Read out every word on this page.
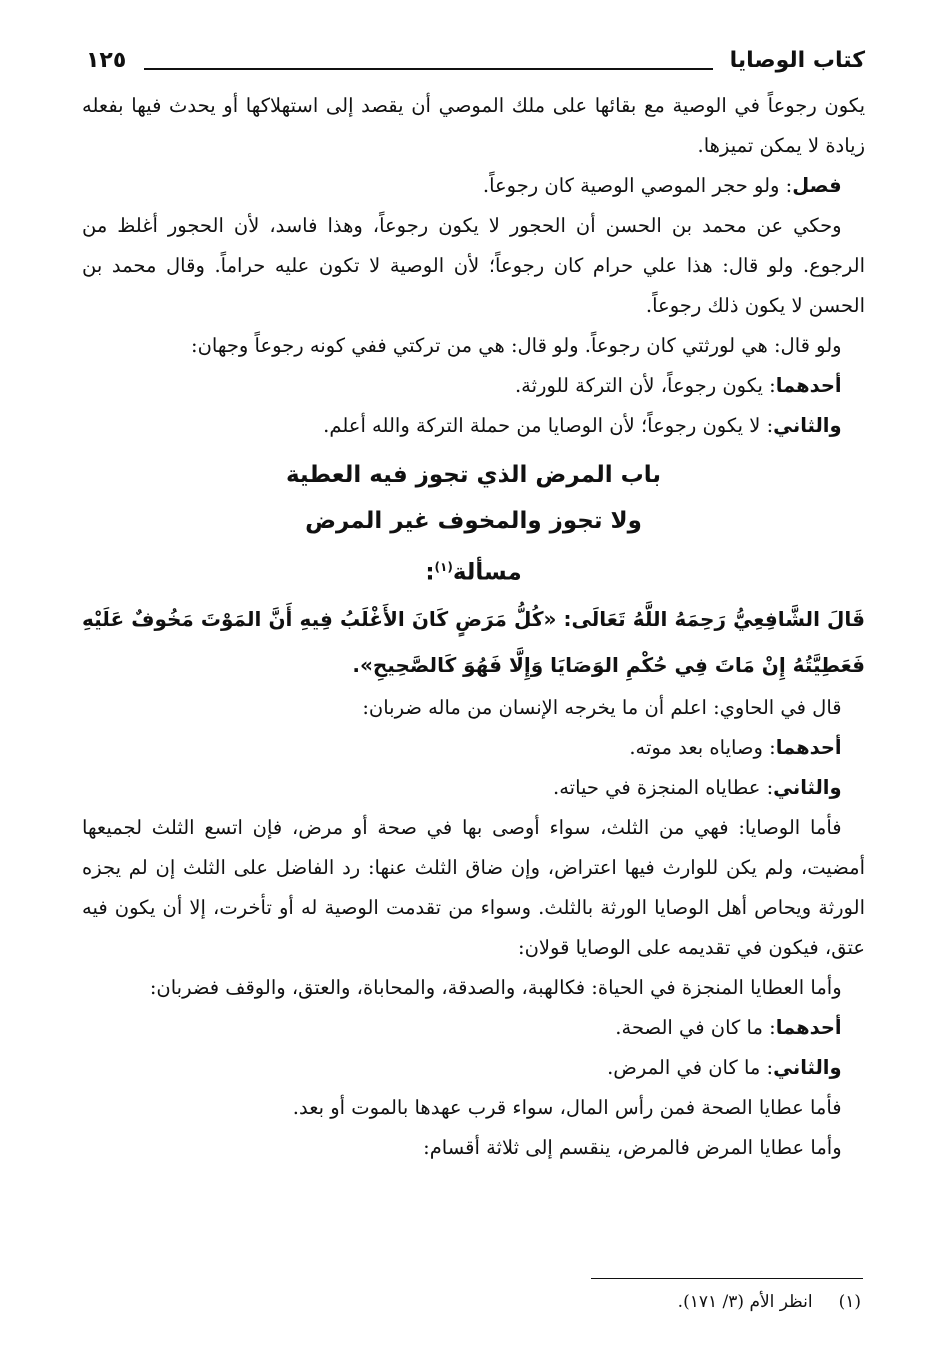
كتاب الوصايا
١٢٥

يكون رجوعاً في الوصية مع بقائها على ملك الموصي أن يقصد إلى استهلاكها أو يحدث فيها بفعله زيادة لا يمكن تميزها.

فصل: ولو حجر الموصي الوصية كان رجوعاً.

وحكي عن محمد بن الحسن أن الحجور لا يكون رجوعاً، وهذا فاسد، لأن الحجور أغلظ من الرجوع. ولو قال: هذا علي حرام كان رجوعاً؛ لأن الوصية لا تكون عليه حراماً. وقال محمد بن الحسن لا يكون ذلك رجوعاً.

ولو قال: هي لورثتي كان رجوعاً. ولو قال: هي من تركتي ففي كونه رجوعاً وجهان:

أحدهما: يكون رجوعاً، لأن التركة للورثة.

والثاني: لا يكون رجوعاً؛ لأن الوصايا من حملة التركة والله أعلم.

باب المرض الذي تجوز فيه العطية

ولا تجوز والمخوف غير المرض

مسألة$^{(١)}$:

قَالَ الشَّافِعِيُّ رَحِمَهُ اللَّهُ تَعَالَى: «كُلُّ مَرَضٍ كَانَ الأَغْلَبُ فِيهِ أَنَّ المَوْتَ مَخُوفٌ عَلَيْهِ فَعَطِيَّتُهُ إِنْ مَاتَ فِي حُكْمِ الوَصَايَا وَإِلَّا فَهُوَ كَالصَّحِيحِ».

قال في الحاوي: اعلم أن ما يخرجه الإنسان من ماله ضربان:

أحدهما: وصاياه بعد موته.

والثاني: عطاياه المنجزة في حياته.

فأما الوصايا: فهي من الثلث، سواء أوصى بها في صحة أو مرض، فإن اتسع الثلث لجميعها أمضيت، ولم يكن للوارث فيها اعتراض، وإن ضاق الثلث عنها: رد الفاضل على الثلث إن لم يجزه الورثة ويحاص أهل الوصايا الورثة بالثلث. وسواء من تقدمت الوصية له أو تأخرت، إلا أن يكون فيه عتق، فيكون في تقديمه على الوصايا قولان:

وأما العطايا المنجزة في الحياة: فكالهبة، والصدقة، والمحاباة، والعتق، والوقف فضربان:

أحدهما: ما كان في الصحة.

والثاني: ما كان في المرض.

فأما عطايا الصحة فمن رأس المال، سواء قرب عهدها بالموت أو بعد.

وأما عطايا المرض فالمرض، ينقسم إلى ثلاثة أقسام:

(١)انظر الأم (٣/ ١٧١).
